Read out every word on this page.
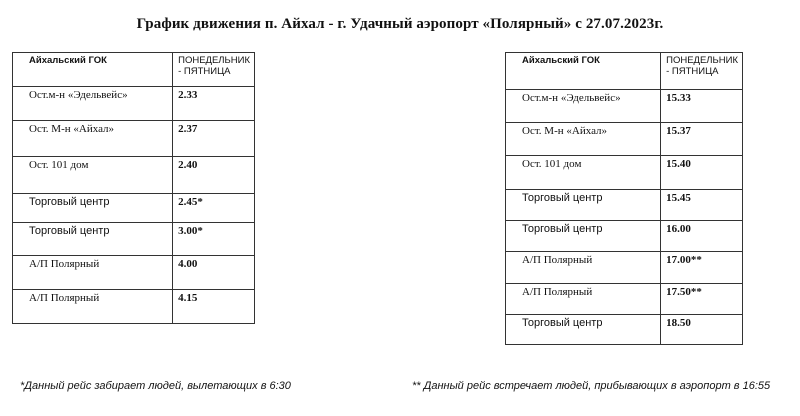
График движения п. Айхал - г. Удачный аэропорт «Полярный» с 27.07.2023г.
Айхальский ГОК	ПОНЕДЕЛЬНИК - ПЯТНИЦА
Ост.м-н «Эдельвейс»	2.33
Ост. М-н «Айхал»	2.37
Ост. 101 дом	2.40
Торговый центр	2.45*
Торговый центр	3.00*
А/П Полярный	4.00
А/П Полярный	4.15
Айхальский ГОК	ПОНЕДЕЛЬНИК - ПЯТНИЦА
Ост.м-н «Эдельвейс»	15.33
Ост. М-н «Айхал»	15.37
Ост. 101 дом	15.40
Торговый центр	15.45
Торговый центр	16.00
А/П Полярный	17.00**
А/П Полярный	17.50**
Торговый центр	18.50
*Данный рейс забирает людей, вылетающих в 6:30	** Данный рейс встречает людей, прибывающих в аэропорт в 16:55
